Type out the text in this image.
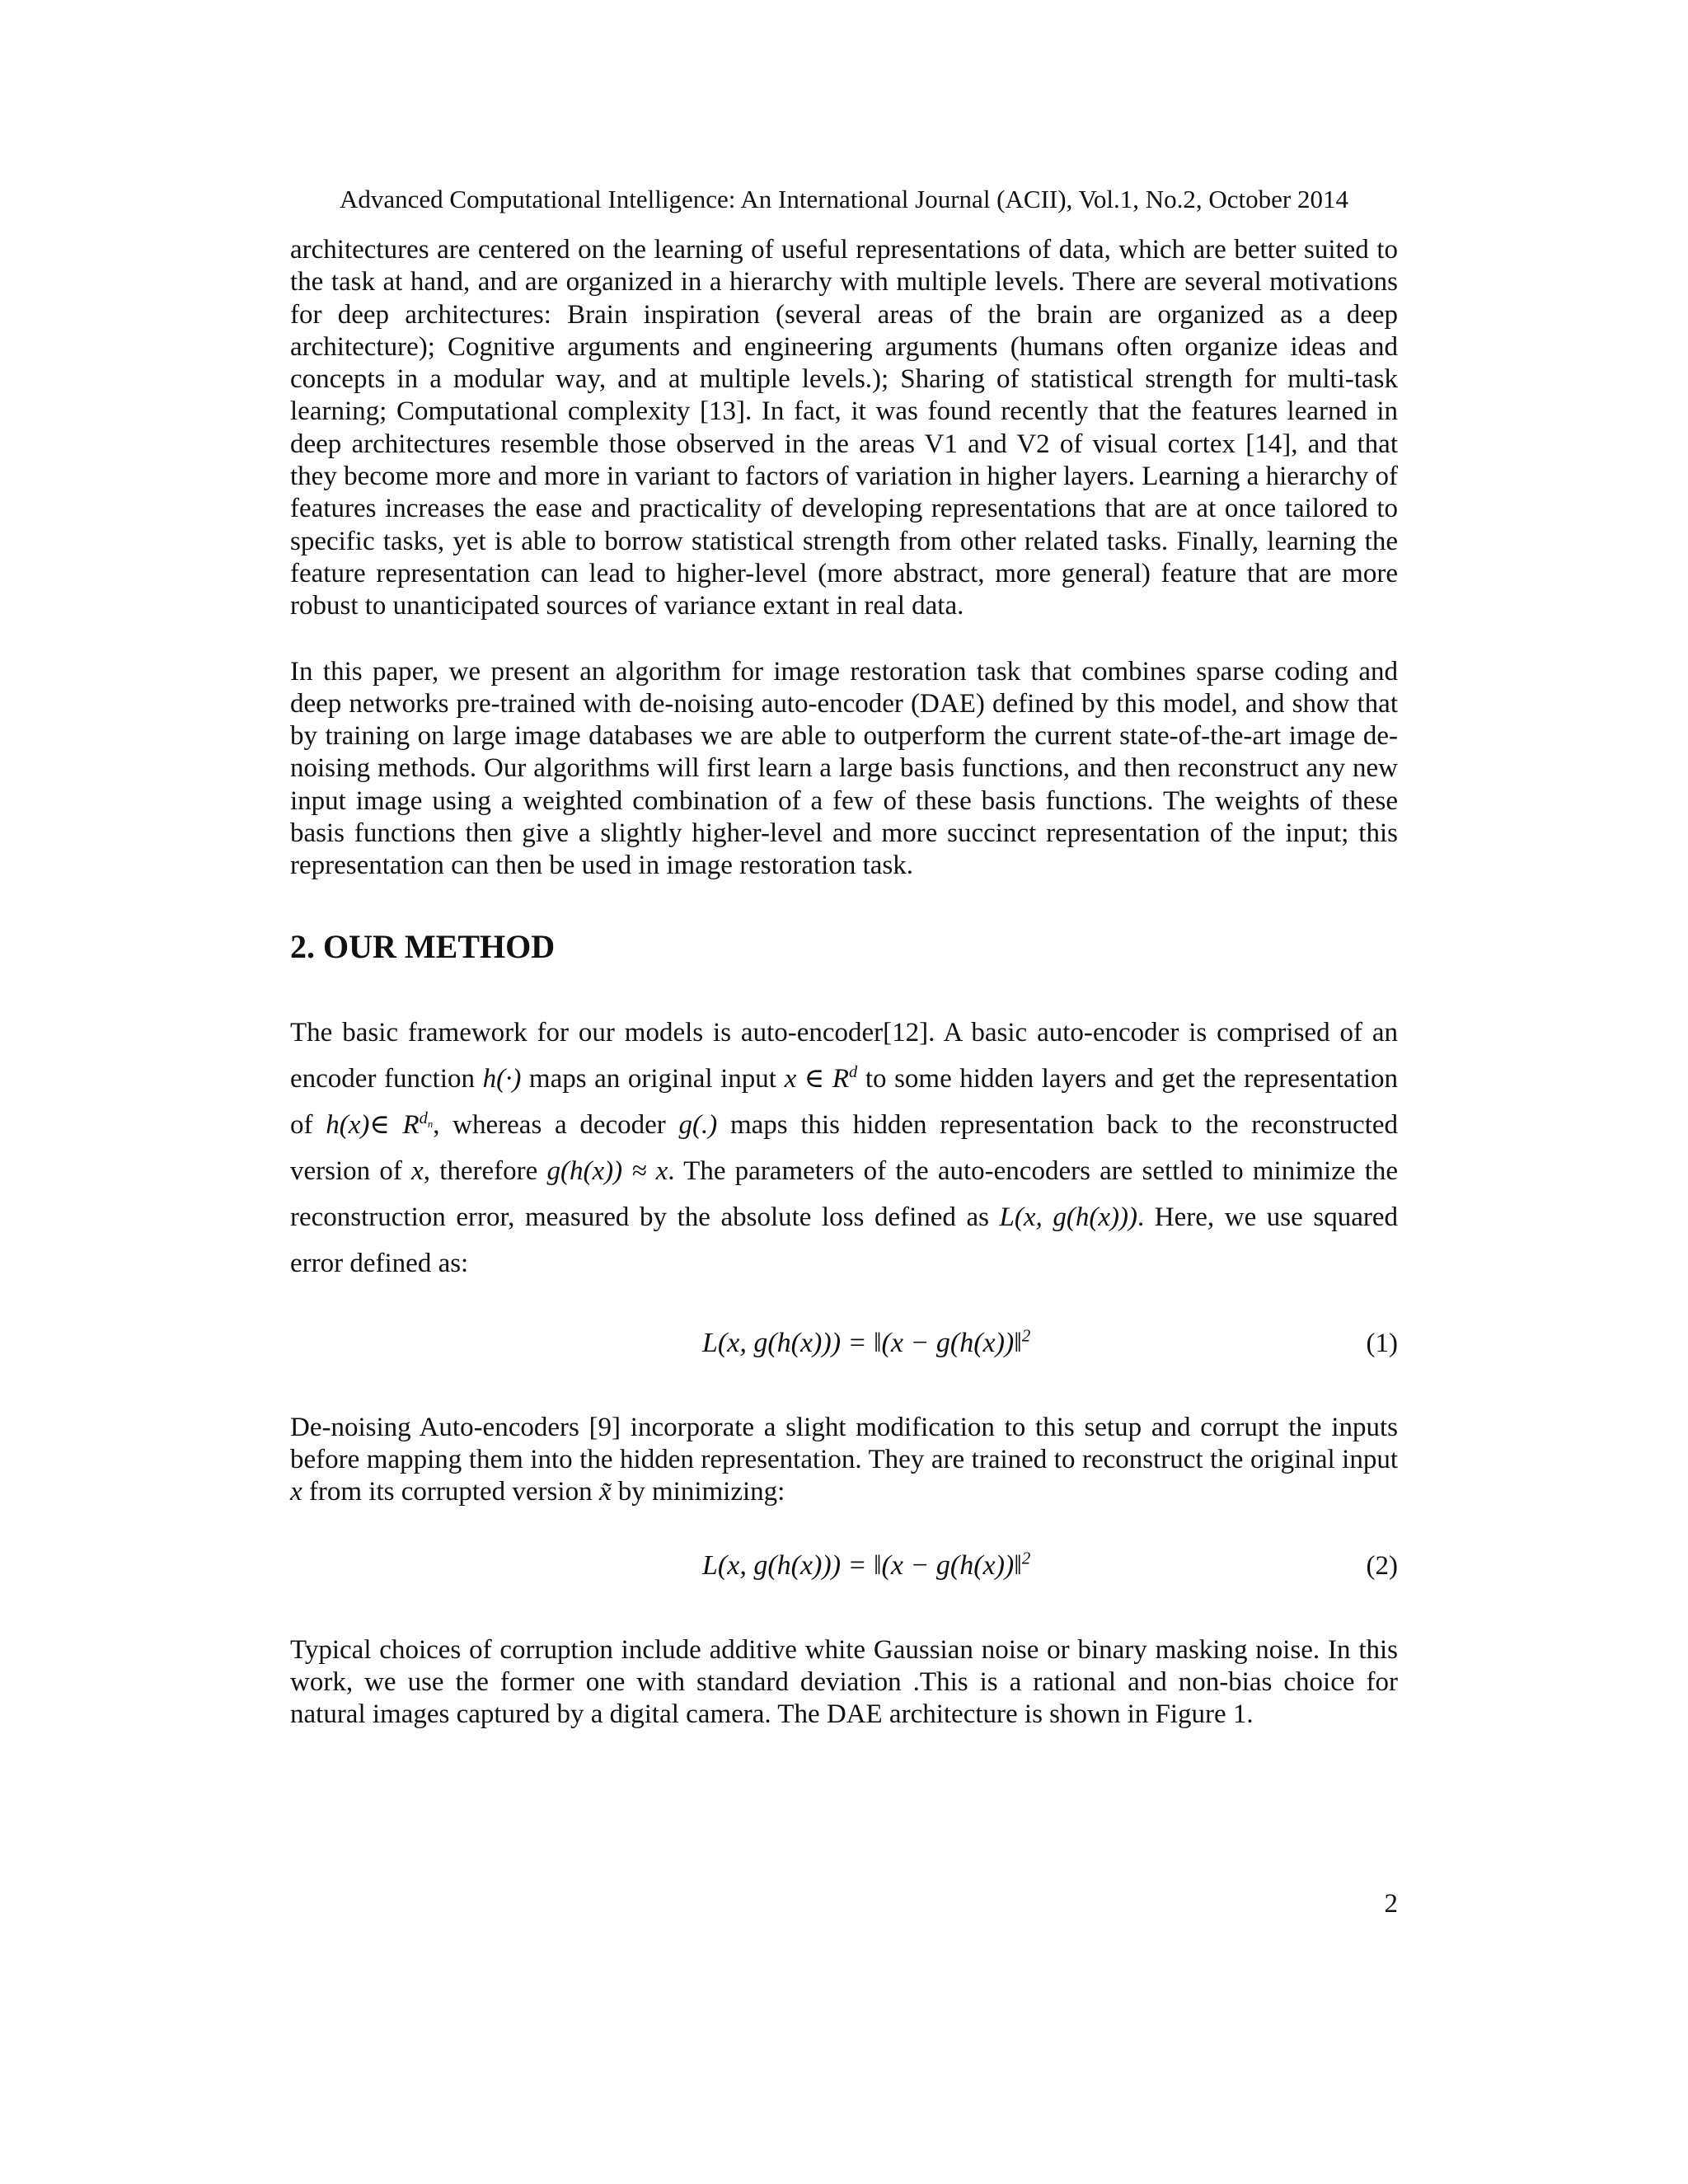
Advanced Computational Intelligence: An International Journal (ACII), Vol.1, No.2, October 2014

architectures are centered on the learning of useful representations of data, which are better suited to the task at hand, and are organized in a hierarchy with multiple levels. There are several motivations for deep architectures: Brain inspiration (several areas of the brain are organized as a deep architecture); Cognitive arguments and engineering arguments (humans often organize ideas and concepts in a modular way, and at multiple levels.); Sharing of statistical strength for multi-task learning; Computational complexity [13]. In fact, it was found recently that the features learned in deep architectures resemble those observed in the areas V1 and V2 of visual cortex [14], and that they become more and more in variant to factors of variation in higher layers. Learning a hierarchy of features increases the ease and practicality of developing representations that are at once tailored to specific tasks, yet is able to borrow statistical strength from other related tasks. Finally, learning the feature representation can lead to higher-level (more abstract, more general) feature that are more robust to unanticipated sources of variance extant in real data.

In this paper, we present an algorithm for image restoration task that combines sparse coding and deep networks pre-trained with de-noising auto-encoder (DAE) defined by this model, and show that by training on large image databases we are able to outperform the current state-of-the-art image de-noising methods. Our algorithms will first learn a large basis functions, and then reconstruct any new input image using a weighted combination of a few of these basis functions. The weights of these basis functions then give a slightly higher-level and more succinct representation of the input; this representation can then be used in image restoration task.

2. OUR METHOD

The basic framework for our models is auto-encoder[12]. A basic auto-encoder is comprised of an encoder function h(·) maps an original input x ∈ $R^d$ to some hidden layers and get the representation of h(x)∈ $R^{d_n}$, whereas a decoder g(.) maps this hidden representation back to the reconstructed version of x, therefore g(h(x)) ≈ x. The parameters of the auto-encoders are settled to minimize the reconstruction error, measured by the absolute loss defined as L(x, g(h(x))). Here, we use squared error defined as:

L(x, g(h(x))) = ‖(x − g(h(x))‖$^2$	(1)

De-noising Auto-encoders [9] incorporate a slight modification to this setup and corrupt the inputs before mapping them into the hidden representation. They are trained to reconstruct the original input x from its corrupted version x̃ by minimizing:

L(x, g(h(x))) = ‖(x − g(h(x))‖$^2$	(2)

Typical choices of corruption include additive white Gaussian noise or binary masking noise. In this work, we use the former one with standard deviation .This is a rational and non-bias choice for natural images captured by a digital camera. The DAE architecture is shown in Figure 1.

2
